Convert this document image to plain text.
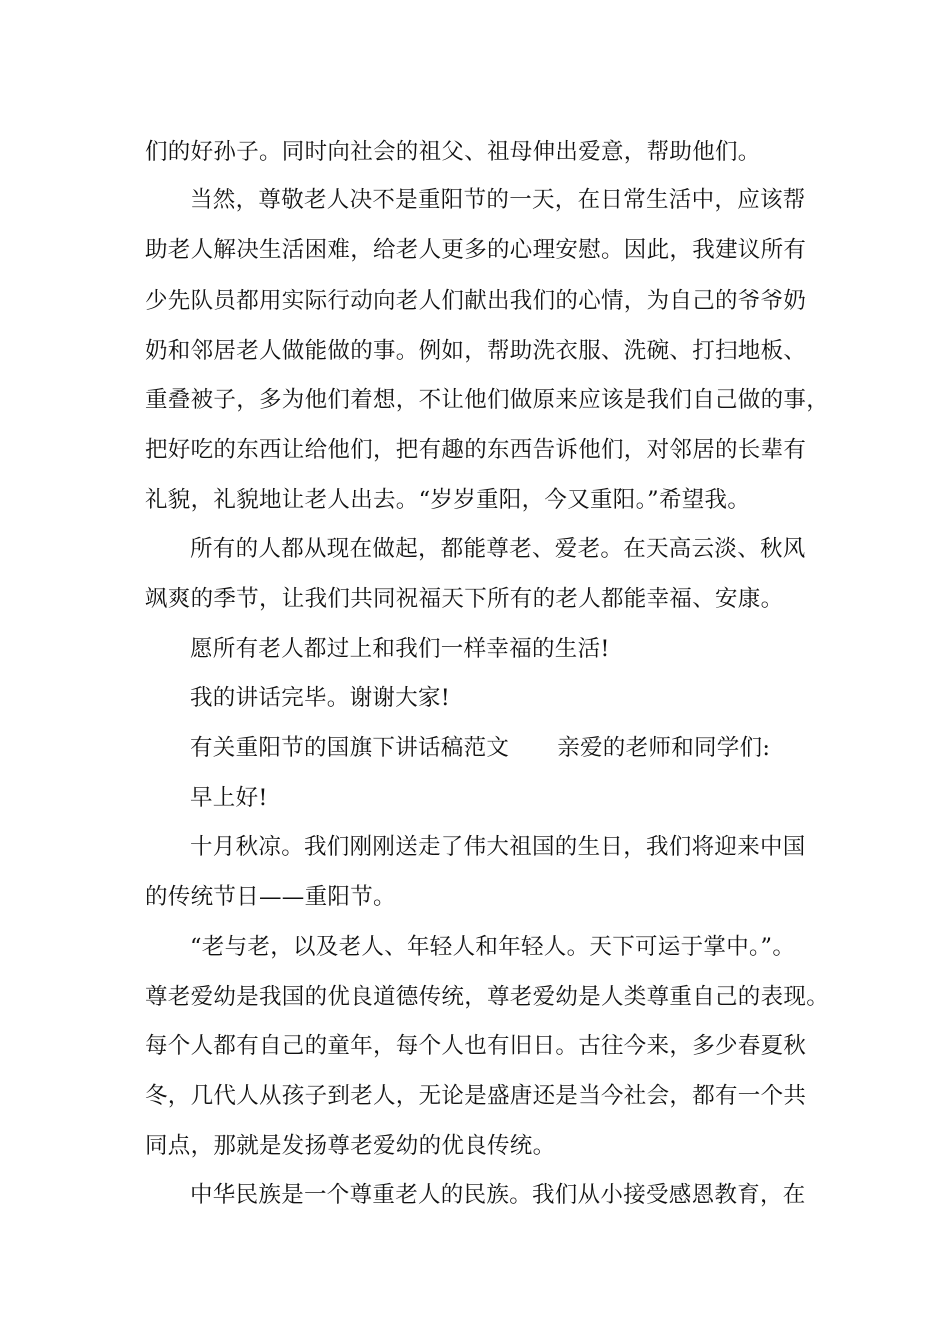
们的好孙子。同时向社会的祖父、祖母伸出爱意，帮助他们。
当然，尊敬老人决不是重阳节的一天，在日常生活中，应该帮
助老人解决生活困难，给老人更多的心理安慰。因此，我建议所有
少先队员都用实际行动向老人们献出我们的心情，为自己的爷爷奶
奶和邻居老人做能做的事。例如，帮助洗衣服、洗碗、打扫地板、
重叠被子，多为他们着想，不让他们做原来应该是我们自己做的事，
把好吃的东西让给他们，把有趣的东西告诉他们，对邻居的长辈有
礼貌，礼貌地让老人出去。“岁岁重阳，今又重阳。”希望我。
所有的人都从现在做起，都能尊老、爱老。在天高云淡、秋风
飒爽的季节，让我们共同祝福天下所有的老人都能幸福、安康。
愿所有老人都过上和我们一样幸福的生活!
我的讲话完毕。谢谢大家!
有关重阳节的国旗下讲话稿范文 亲爱的老师和同学们:
早上好!
十月秋凉。我们刚刚送走了伟大祖国的生日，我们将迎来中国
的传统节日——重阳节。
“老与老，以及老人、年轻人和年轻人。天下可运于掌中。”。
尊老爱幼是我国的优良道德传统，尊老爱幼是人类尊重自己的表现。
每个人都有自己的童年，每个人也有旧日。古往今来，多少春夏秋
冬，几代人从孩子到老人，无论是盛唐还是当今社会，都有一个共
同点，那就是发扬尊老爱幼的优良传统。
中华民族是一个尊重老人的民族。我们从小接受感恩教育，在
